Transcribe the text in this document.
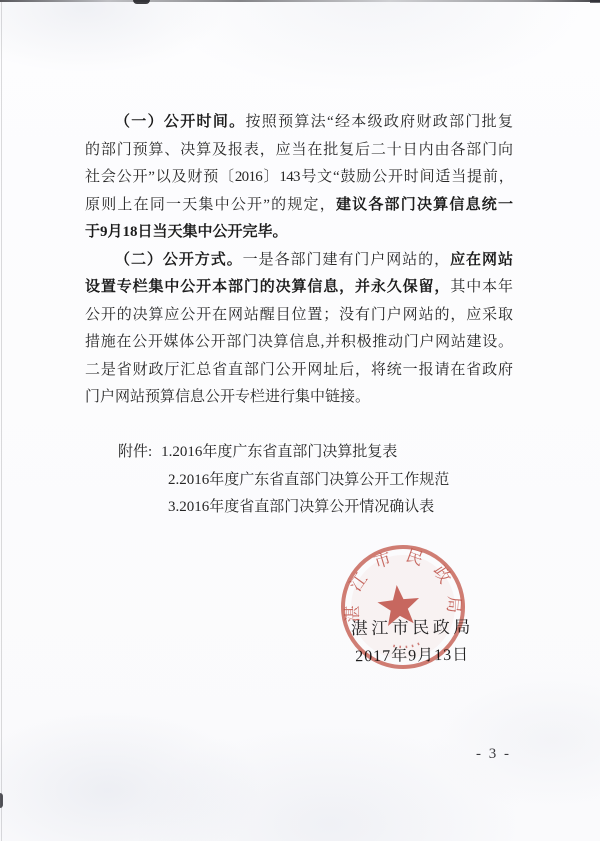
（一）公开时间。按照预算法“经本级政府财政部门批复
的部门预算、决算及报表，应当在批复后二十日内由各部门向
社会公开”以及财预〔2016〕143号文“鼓励公开时间适当提前，
原则上在同一天集中公开”的规定，建议各部门决算信息统一
于9月18日当天集中公开完毕。
（二）公开方式。一是各部门建有门户网站的，应在网站
设置专栏集中公开本部门的决算信息，并永久保留，其中本年
公开的决算应公开在网站醒目位置；没有门户网站的，应采取
措施在公开媒体公开部门决算信息,并积极推动门户网站建设。
二是省财政厅汇总省直部门公开网址后，将统一报请在省政府
门户网站预算信息公开专栏进行集中链接。
附件: 1.2016年度广东省直部门决算批复表
2.2016年度广东省直部门决算公开工作规范
3.2016年度省直部门决算公开情况确认表
湛江市民政局
2017年9月13日
湛江市民政局
- 3 -
